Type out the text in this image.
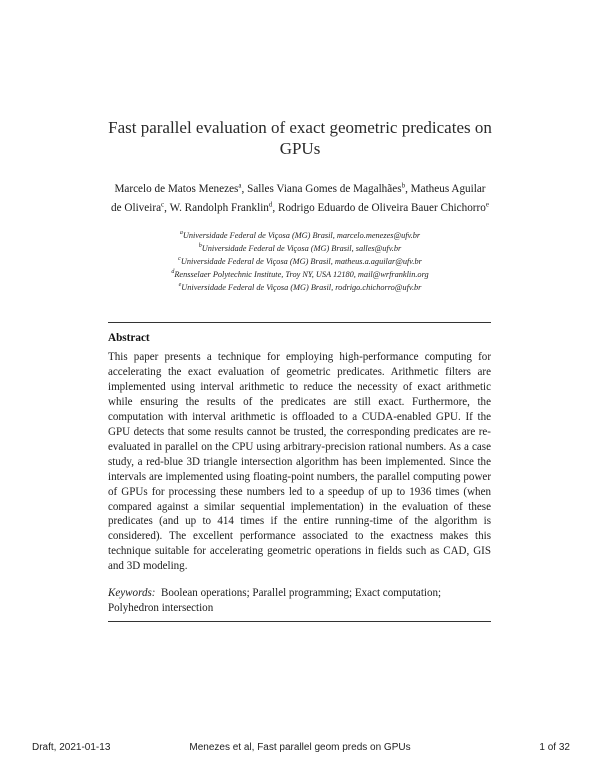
Fast parallel evaluation of exact geometric predicates on GPUs
Marcelo de Matos Menezes$^a$, Salles Viana Gomes de Magalhães$^b$, Matheus Aguilar de Oliveira$^c$, W. Randolph Franklin$^d$, Rodrigo Eduardo de Oliveira Bauer Chichorro$^e$
$^a$Universidade Federal de Viçosa (MG) Brasil, marcelo.menezes@ufv.br
$^b$Universidade Federal de Viçosa (MG) Brasil, salles@ufv.br
$^c$Universidade Federal de Viçosa (MG) Brasil, matheus.a.aguilar@ufv.br
$^d$Rensselaer Polytechnic Institute, Troy NY, USA 12180, mail@wrfranklin.org
$^e$Universidade Federal de Viçosa (MG) Brasil, rodrigo.chichorro@ufv.br
Abstract
This paper presents a technique for employing high-performance computing for accelerating the exact evaluation of geometric predicates. Arithmetic filters are implemented using interval arithmetic to reduce the necessity of exact arithmetic while ensuring the results of the predicates are still exact. Furthermore, the computation with interval arithmetic is offloaded to a CUDA-enabled GPU. If the GPU detects that some results cannot be trusted, the corresponding predicates are re-evaluated in parallel on the CPU using arbitrary-precision rational numbers. As a case study, a red-blue 3D triangle intersection algorithm has been implemented. Since the intervals are implemented using floating-point numbers, the parallel computing power of GPUs for processing these numbers led to a speedup of up to 1936 times (when compared against a similar sequential implementation) in the evaluation of these predicates (and up to 414 times if the entire running-time of the algorithm is considered). The excellent performance associated to the exactness makes this technique suitable for accelerating geometric operations in fields such as CAD, GIS and 3D modeling.
Keywords: Boolean operations; Parallel programming; Exact computation; Polyhedron intersection
Draft, 2021-01-13	Menezes et al, Fast parallel geom preds on GPUs	1 of 32
